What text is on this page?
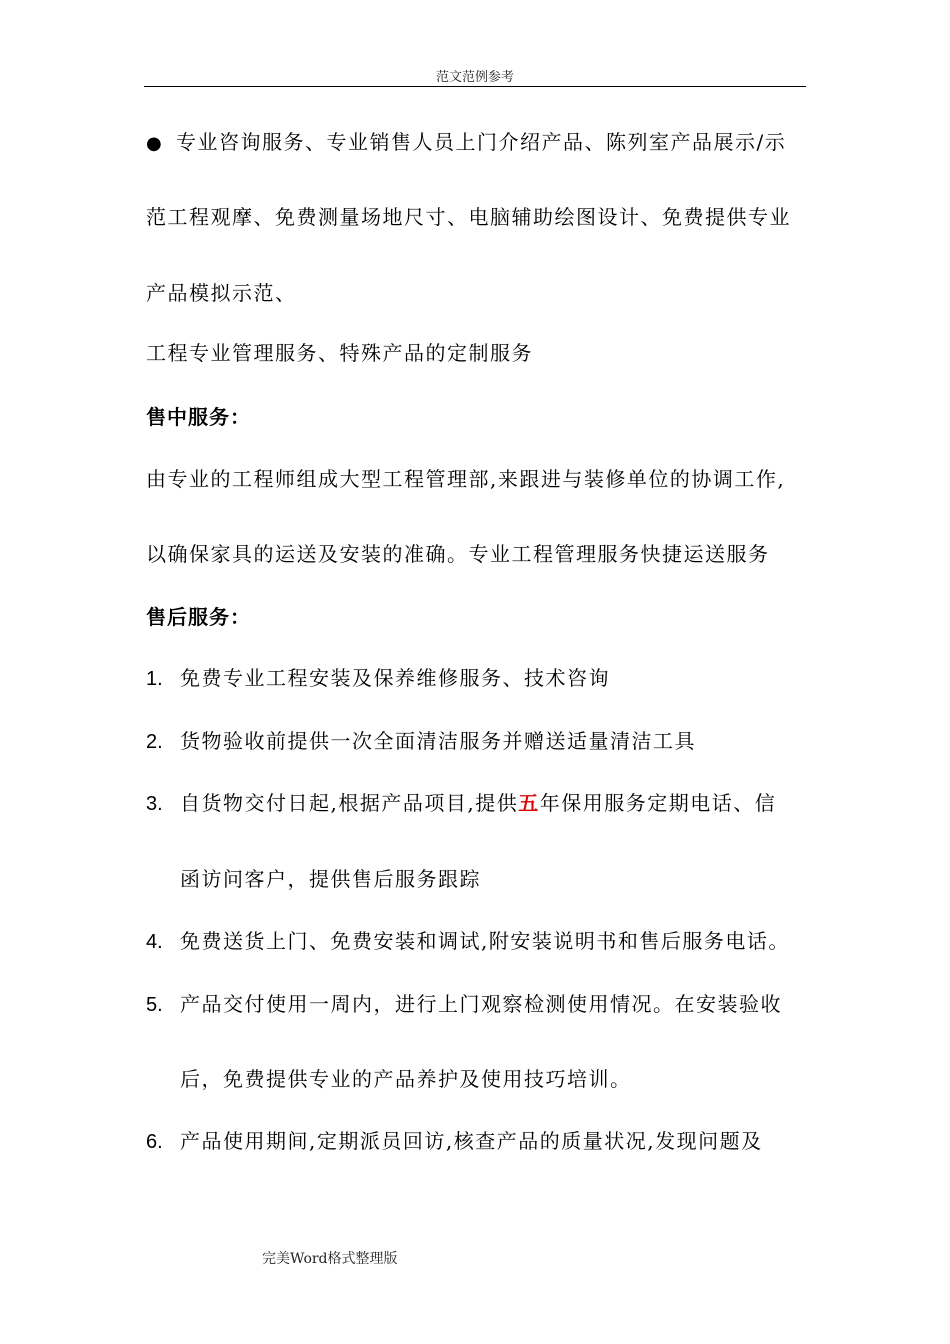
范文范例参考
● 专业咨询服务、专业销售人员上门介绍产品、陈列室产品展示/示
范工程观摩、免费测量场地尺寸、电脑辅助绘图设计、免费提供专业
产品模拟示范、
工程专业管理服务、特殊产品的定制服务
售中服务：
由专业的工程师组成大型工程管理部,来跟进与装修单位的协调工作,
以确保家具的运送及安装的准确。专业工程管理服务快捷运送服务
售后服务：
1. 免费专业工程安装及保养维修服务、技术咨询
2. 货物验收前提供一次全面清洁服务并赠送适量清洁工具
3. 自货物交付日起,根据产品项目,提供五年保用服务定期电话、信
函访问客户，提供售后服务跟踪
4. 免费送货上门、免费安装和调试,附安装说明书和售后服务电话。
5. 产品交付使用一周内，进行上门观察检测使用情况。在安装验收
后，免费提供专业的产品养护及使用技巧培训。
6. 产品使用期间,定期派员回访,核查产品的质量状况,发现问题及
完美Word格式整理版
